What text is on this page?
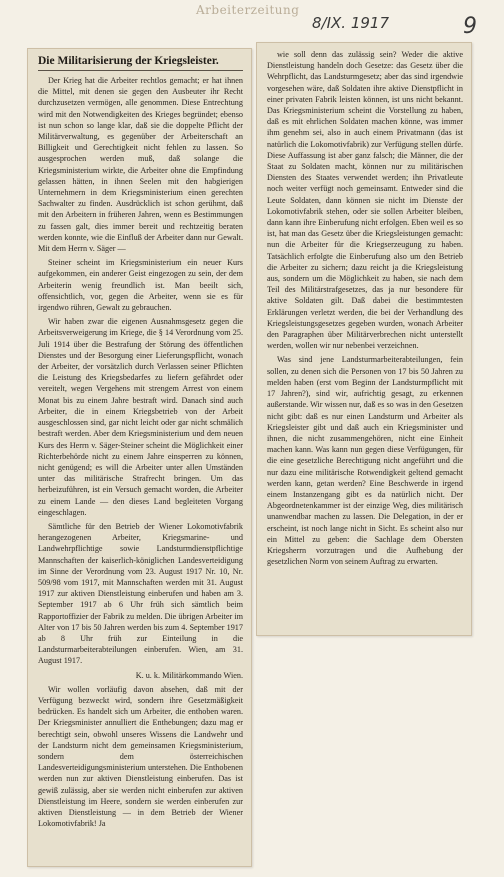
Arbeiterzeitung
8/IX. 1917	9
Die Militarisierung der Kriegsleister.

Der Krieg hat die Arbeiter rechtlos gemacht; er hat ihnen die Mittel, mit denen sie gegen den Ausbeuter ihr Recht durchzusetzen vermögen, alle genommen. Diese Entrechtung wird mit den Notwendigkeiten des Krieges begründet; ebenso ist nun schon so lange klar, daß sie die doppelte Pflicht der Militärverwaltung, es gegenüber der Arbeiterschaft an Billigkeit und Gerechtigkeit nicht fehlen zu lassen. So ausgesprochen werden muß, daß solange die Kriegsministerium wirkte, die Arbeiter ohne die Empfindung gelassen hätten, in ihnen Seelen mit den habgierigen Unternehmern in dem Kriegsministerium einen gerechten Sachwalter zu finden. Ausdrücklich ist schon gerühmt, daß mit den Arbeitern in früheren Jahren, wenn es Bestimmungen zu fassen galt, dies immer bereit und rechtzeitig beraten werden konnte, wie die Einfluß der Arbeiter dann nur Gewalt. Mit dem Herrn v. Säger —

Steiner scheint im Kriegsministerium ein neuer Kurs aufgekommen, ein anderer Geist eingezogen zu sein, der dem Arbeiterin wenig freundlich ist. Man beeilt sich, offensichtlich, vor, gegen die Arbeiter, wenn sie es für irgendwo rühren, Gewalt zu gebrauchen.

Wir haben zwar die eigenen Ausnahmsgesetz gegen die Arbeitsverweigerung im Kriege, die § 14 Verordnung vom 25. Juli 1914 über die Bestrafung der Störung des öffentlichen Dienstes und der Besorgung einer Lieferungspflicht, wonach der Arbeiter, der vorsätzlich durch Verlassen seiner Pflichten die Leistung des Kriegsbedarfes zu liefern gefährdet oder vereitelt, wegen Vergehens mit strengem Arrest von einem Monat bis zu einem Jahre bestraft wird. Danach sind auch Arbeiter, die in einem Kriegsbetrieb von der Arbeit ausgeschlossen sind, gar nicht leicht oder gar nicht schmälich bestraft werden. Aber dem Kriegsministerium und dem neuen Kurs des Herrn v. Säger-Steiner scheint die Möglichkeit einer Richterbehörde nicht zu einem Jahre einsperren zu können, nicht genügend; es will die Arbeiter unter allen Umständen unter das militärische Strafrecht bringen. Um das herbeizuführen, ist ein Versuch gemacht worden, die Arbeiter zu einem Lande — den dieses Land begleiteten Vorgang eingeschlagen.

Sämtliche für den Betrieb der Wiener Lokomotivfabrik herangezogenen Arbeiter, Kriegsmarine- und Landwehrpflichtige sowie Landsturmdienstpflichtige Mannschaften der kaiserlich-königlichen Landesverteidigung im Sinne der Verordnung vom 23. August 1917 Nr. 10, Nr. 509/98 vom 1917, mit Mannschaften werden mit 31. August 1917 zur aktiven Dienstleistung einberufen und haben am 3. September 1917 ab 6 Uhr früh sich sämtlich beim Rapportoffizier der Fabrik zu melden. Die übrigen Arbeiter im Alter von 17 bis 50 Jahren werden bis zum 4. September 1917 ab 8 Uhr früh zur Einteilung in die Landsturmarbeiterabteilungen einberufen. Wien, am 31. August 1917.

K. u. k. Militärkommando Wien.

Wir wollen vorläufig davon absehen, daß mit der Verfügung bezweckt wird, sondern ihre Gesetzmäßigkeit bedrücken. Es handelt sich um Arbeiter, die enthoben waren. Der Kriegsminister annulliert die Enthebungen; dazu mag er berechtigt sein, obwohl unseres Wissens die Landwehr und der Landsturm nicht dem gemeinsamen Kriegsministerium, sondern dem österreichischen Landesverteidigungsministerium unterstehen. Die Enthobenen werden nun zur aktiven Dienstleistung einberufen. Das ist gewiß zulässig, aber sie werden nicht einberufen zur aktiven Dienstleistung im Heere, sondern sie werden einberufen zur aktiven Dienstleistung — in dem Betrieb der Wiener Lokomotivfabrik! Ja

wie soll denn das zulässig sein? Weder die aktive Dienstleistung handeln doch Gesetze: das Gesetz über die Wehrpflicht, das Landsturmgesetz; aber das sind irgendwie vorgesehen wäre, daß Soldaten ihre aktive Dienstpflicht in einer privaten Fabrik leisten können, ist uns nicht bekannt. Das Kriegsministerium scheint die Vorstellung zu haben, daß es mit ehrlichen Soldaten machen könne, was immer ihm genehm sei, also in auch einem Privatmann (das ist natürlich die Lokomotivfabrik) zur Verfügung stellen dürfe. Diese Auffassung ist aber ganz falsch; die Männer, die der Staat zu Soldaten macht, können nur zu militärischen Diensten des Staates verwendet werden; ihn Privatleute noch weiter verfügt noch gemeinsamt. Entweder sind die Leute Soldaten, dann können sie nicht im Dienste der Lokomotivfabrik stehen, oder sie sollen Arbeiter bleiben, dann kann ihre Einberufung nicht erfolgen. Eben weil es so ist, hat man das Gesetz über die Kriegsleistungen gemacht: nun die Arbeiter für die Kriegserzeugung zu haben. Tatsächlich erfolgte die Einberufung also um den Betrieb die Arbeiter zu sichern; dazu reicht ja die Kriegsleistung aus, sondern um die Möglichkeit zu haben, sie nach dem Teil des Militärstrafgesetzes, das ja nur besondere für aktive Soldaten gilt. Daß dabei die bestimmtesten Erklärungen verletzt werden, die bei der Verhandlung des Kriegsleistungsgesetzes gegeben wurden, wonach Arbeiter den Paragraphen über Militärverbrechen nicht unterstellt werden, wollen wir nur nebenbei verzeichnen.

Was sind jene Landsturmarbeiterabteilungen, fein sollen, zu denen sich die Personen von 17 bis 50 Jahren zu melden haben (erst vom Beginn der Landsturmpflicht mit 17 Jahren?), sind wir, aufrichtig gesagt, zu erkennen außerstande. Wir wissen nur, daß es so was in den Gesetzen nicht gibt: daß es nur einen Landsturm und Arbeiter als Kriegsleister gibt und daß auch ein Kriegsminister und ihnen, die nicht zusammengehören, nicht eine Einheit machen kann. Was kann nun gegen diese Verfügungen, für die eine gesetzliche Berechtigung nicht angeführt und die nur dazu eine militärische Rotwendigkeit geltend gemacht werden kann, getan werden? Eine Beschwerde in irgend einem Instanzengang gibt es da natürlich nicht. Der Abgeordnetenkammer ist der einzige Weg, dies militärisch unanwendbar machen zu lassen. Die Delegation, in der er erscheint, ist noch lange nicht in Sicht. Es scheint also nur ein Mittel zu geben: die Sachlage dem Obersten Kriegsherrn vorzutragen und die Aufhebung der gesetzlichen Norm von seinem Auftrag zu erwarten.
